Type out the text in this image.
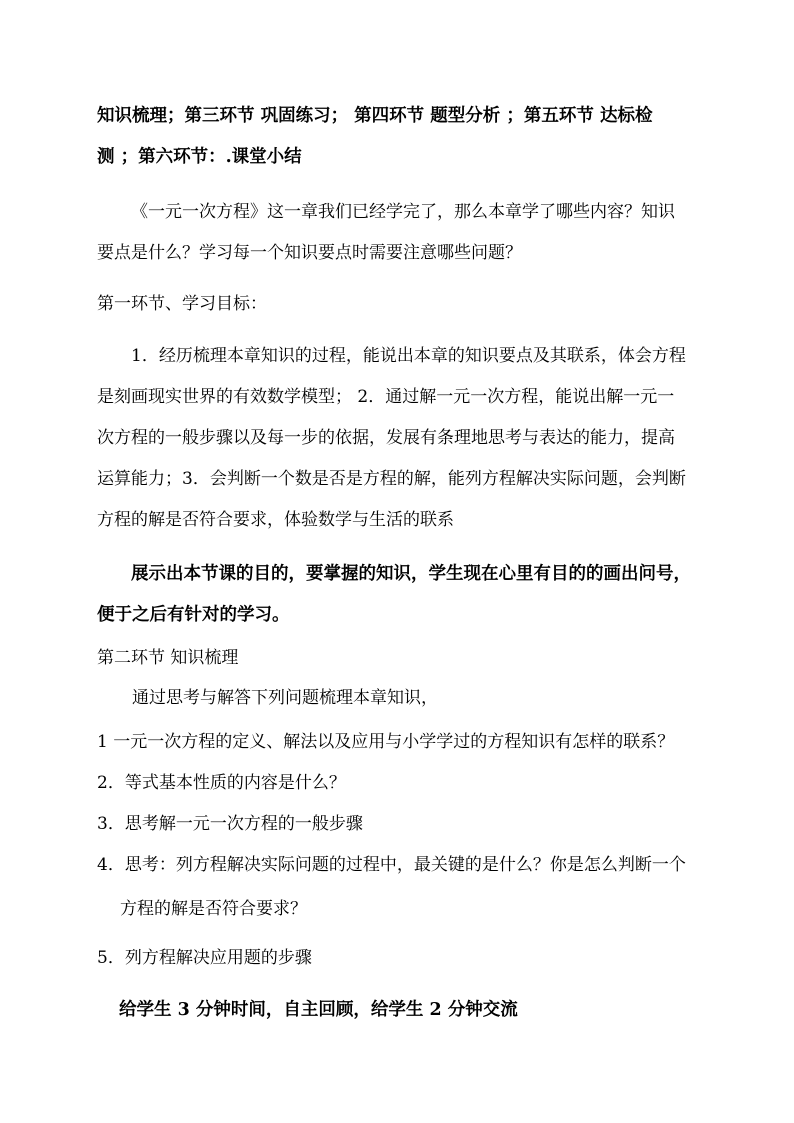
知识梳理；第三环节 巩固练习； 第四环节 题型分析 ；第五环节 达标检
测 ；第六环节：.课堂小结
《一元一次方程》这一章我们已经学完了，那么本章学了哪些内容？知识
要点是什么？学习每一个知识要点时需要注意哪些问题？
第一环节、学习目标：
1．经历梳理本章知识的过程，能说出本章的知识要点及其联系，体会方程
是刻画现实世界的有效数学模型； 2．通过解一元一次方程，能说出解一元一
次方程的一般步骤以及每一步的依据，发展有条理地思考与表达的能力，提高
运算能力；3．会判断一个数是否是方程的解，能列方程解决实际问题，会判断
方程的解是否符合要求，体验数学与生活的联系
展示出本节课的目的，要掌握的知识，学生现在心里有目的的画出问号，
便于之后有针对的学习。
第二环节 知识梳理
通过思考与解答下列问题梳理本章知识，
1 一元一次方程的定义、解法以及应用与小学学过的方程知识有怎样的联系？
2．等式基本性质的内容是什么？
3．思考解一元一次方程的一般步骤
4．思考：列方程解决实际问题的过程中，最关键的是什么？你是怎么判断一个
方程的解是否符合要求？
5．列方程解决应用题的步骤
给学生 3 分钟时间，自主回顾，给学生 2 分钟交流
